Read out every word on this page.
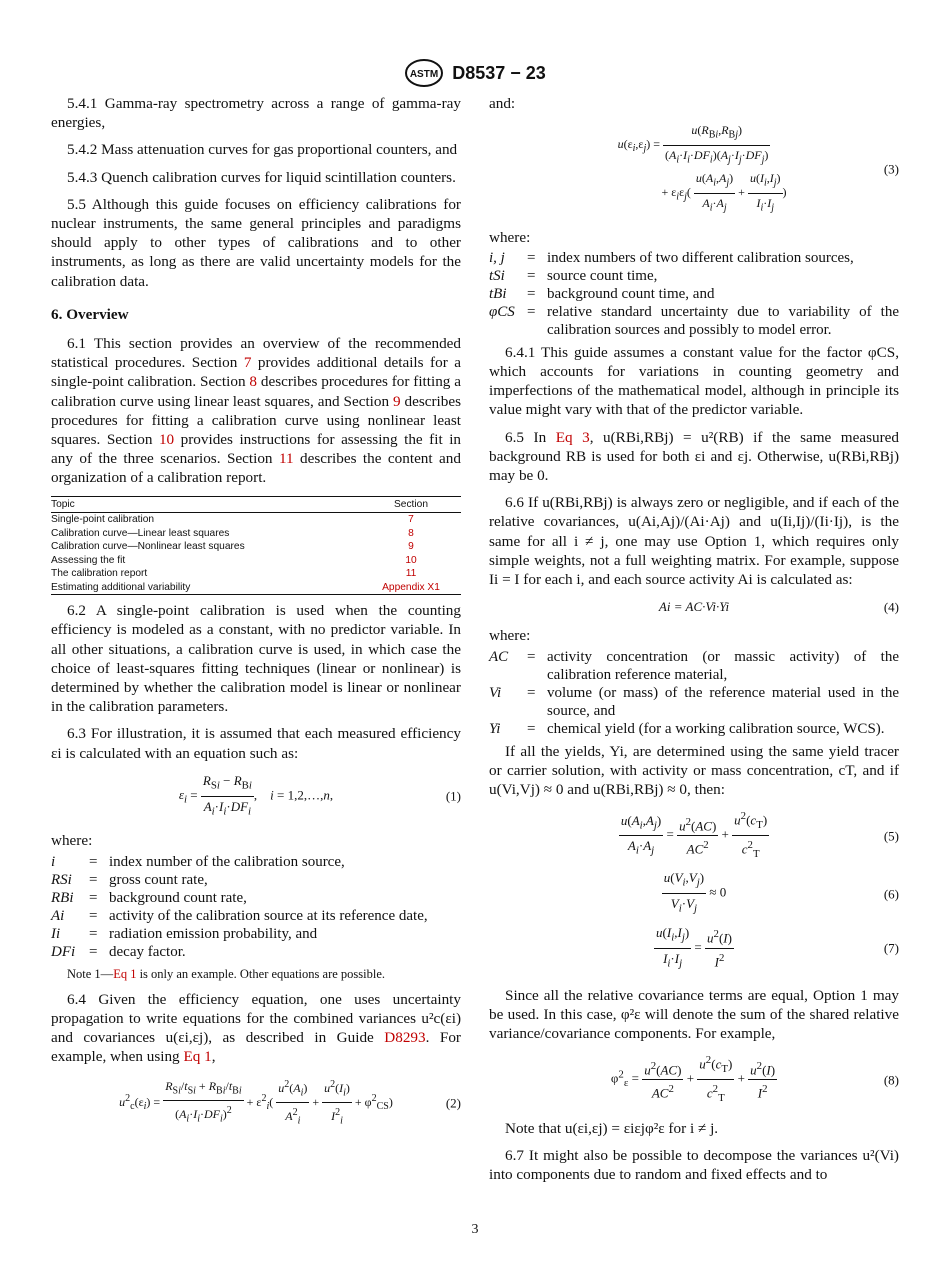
ASTM D8537 − 23

5.4.1 Gamma-ray spectrometry across a range of gamma-ray energies,

5.4.2 Mass attenuation curves for gas proportional counters, and

5.4.3 Quench calibration curves for liquid scintillation counters.

5.5 Although this guide focuses on efficiency calibrations for nuclear instruments, the same general principles and paradigms should apply to other types of calibrations and to other instruments, as long as there are valid uncertainty models for the calibration data.

6. Overview

6.1 This section provides an overview of the recommended statistical procedures. Section 7 provides additional details for a single-point calibration. Section 8 describes procedures for fitting a calibration curve using linear least squares, and Section 9 describes procedures for fitting a calibration curve using nonlinear least squares. Section 10 provides instructions for assessing the fit in any of the three scenarios. Section 11 describes the content and organization of a calibration report.

Topic	Section
Single-point calibration	7
Calibration curve—Linear least squares	8
Calibration curve—Nonlinear least squares	9
Assessing the fit	10
The calibration report	11
Estimating additional variability	Appendix X1

6.2 A single-point calibration is used when the counting efficiency is modeled as a constant, with no predictor variable. In all other situations, a calibration curve is used, in which case the choice of least-squares fitting techniques (linear or nonlinear) is determined by whether the calibration model is linear or nonlinear in the calibration parameters.

6.3 For illustration, it is assumed that each measured efficiency εi is calculated with an equation such as:

$\varepsilon_i = \frac{R_{Si} - R_{Bi}}{A_i\cdot I_i\cdot DF_i}$ ,    i = 1,2,…,n,	(1)

where:

i	=	index number of the calibration source,
RSi	=	gross count rate,
RBi	=	background count rate,
Ai	=	activity of the calibration source at its reference date,
Ii	=	radiation emission probability, and
DFi	=	decay factor.

Note 1—Eq 1 is only an example. Other equations are possible.

6.4 Given the efficiency equation, one uses uncertainty propagation to write equations for the combined variances u²c(εi) and covariances u(εi,εj), as described in Guide D8293. For example, when using Eq 1,

$u^2_c(\varepsilon_i) = \frac{R_{Si}/t_{Si} + R_{Bi}/t_{Bi}}{(A_i\cdot I_i\cdot DF_i)^2} + \varepsilon^2_i( \frac{u^2(A_i)}{A^2_i} + \frac{u^2(I_i)}{I^2_i} + \varphi^2_{CS})$	(2)

and:

$u(\varepsilon_i,\varepsilon_j) = \frac{u(R_{Bi},R_{Bj})}{(A_i\cdot I_i\cdot DF_i)(A_j\cdot I_j\cdot DF_j)}$

+ $\varepsilon_i\varepsilon_j( \frac{u(A_i,A_j)}{A_i\cdot A_j} + \frac{u(I_i,I_j)}{I_i\cdot I_j}$ )
(3)

where:

i, j	=	index numbers of two different calibration sources,
tSi	=	source count time,
tBi	=	background count time, and
φCS	=	relative standard uncertainty due to variability of the calibration sources and possibly to model error.

6.4.1 This guide assumes a constant value for the factor φCS, which accounts for variations in counting geometry and imperfections of the mathematical model, although in principle its value might vary with that of the predictor variable.

6.5 In Eq 3, u(RBi,RBj) = u²(RB) if the same measured background RB is used for both εi and εj. Otherwise, u(RBi,RBj) may be 0.

6.6 If u(RBi,RBj) is always zero or negligible, and if each of the relative covariances, u(Ai,Aj)/(Ai·Aj) and u(Ii,Ij)/(Ii·Ij), is the same for all i ≠ j, one may use Option 1, which requires only simple weights, not a full weighting matrix. For example, suppose Ii = I for each i, and each source activity Ai is calculated as:

Ai = AC·Vi·Yi	(4)

where:

AC	=	activity concentration (or massic activity) of the calibration reference material,
Vi	=	volume (or mass) of the reference material used in the source, and
Yi	=	chemical yield (for a working calibration source, WCS).

If all the yields, Yi, are determined using the same yield tracer or carrier solution, with activity or mass concentration, cT, and if u(Vi,Vj) ≈ 0 and u(RBi,RBj) ≈ 0, then:

$\frac{u(A_i,A_j)}{A_i\cdot A_j} = \frac{u^2(AC)}{AC^2} + \frac{u^2(c_T)}{c^2_T}$	(5)
$\frac{u(V_i,V_j)}{V_i\cdot V_j} \approx 0$	(6)
$\frac{u(I_i,I_j)}{I_i\cdot I_j} = \frac{u^2(I)}{I^2}$	(7)

Since all the relative covariance terms are equal, Option 1 may be used. In this case, φ²ε will denote the sum of the shared relative variance/covariance components. For example,

$\varphi^2_\varepsilon = \frac{u^2(AC)}{AC^2} + \frac{u^2(c_T)}{c^2_T} + \frac{u^2(I)}{I^2}$	(8)

Note that u(εi,εj) = εiεjφ²ε for i ≠ j.

6.7 It might also be possible to decompose the variances u²(Vi) into components due to random and fixed effects and to

3
